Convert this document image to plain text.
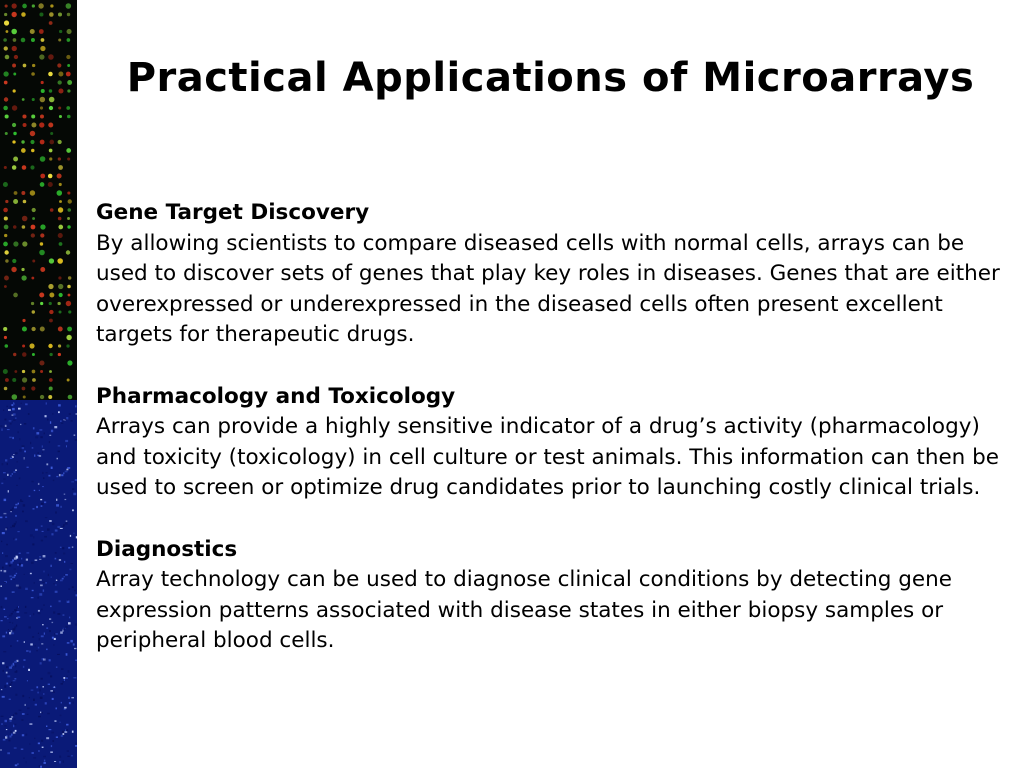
Practical Applications of Microarrays

Gene Target Discovery

By allowing scientists to compare diseased cells with normal cells, arrays can be used to discover sets of genes that play key roles in diseases. Genes that are either overexpressed or underexpressed in the diseased cells often present excellent targets for therapeutic drugs.

Pharmacology and Toxicology

Arrays can provide a highly sensitive indicator of a drug’s activity (pharmacology) and toxicity (toxicology) in cell culture or test animals. This information can then be used to screen or optimize drug candidates prior to launching costly clinical trials.

Diagnostics

Array technology can be used to diagnose clinical conditions by detecting gene expression patterns associated with disease states in either biopsy samples or peripheral blood cells.
